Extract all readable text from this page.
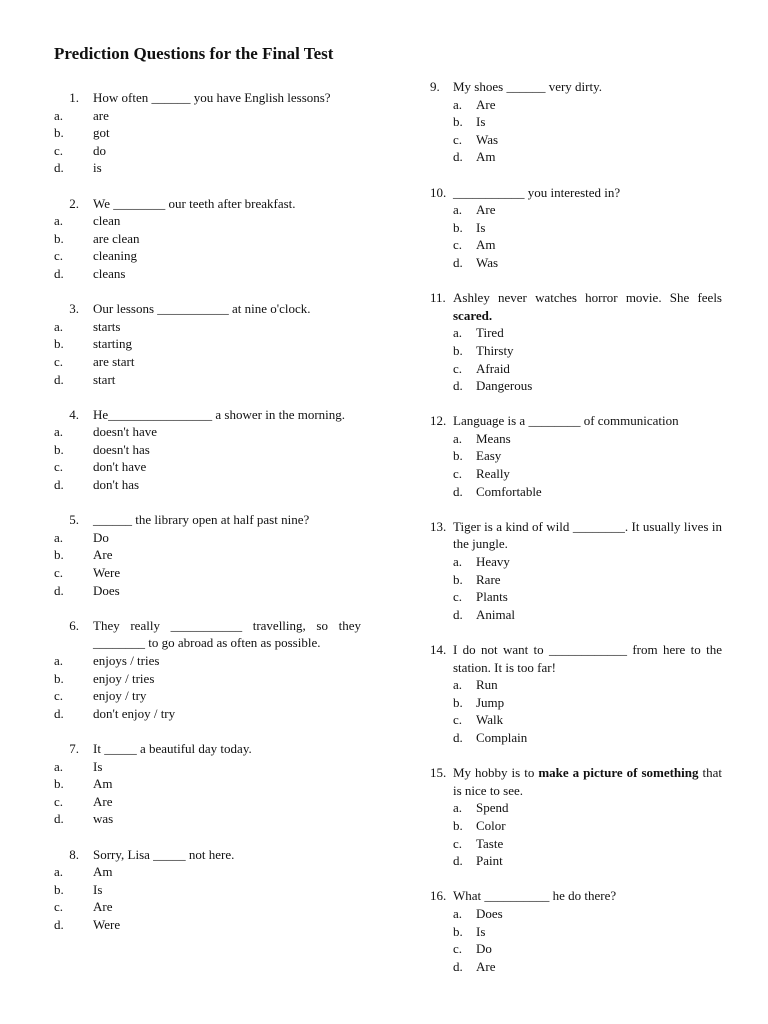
Prediction Questions for the Final Test
1.	How often ______ you have English lessons?
a.	are
b.	got
c.	do
d.	is
2.	We ________ our teeth after breakfast.
a.	clean
b.	are clean
c.	cleaning
d.	cleans
3.	Our lessons ___________ at nine o'clock.
a.	starts
b.	starting
c.	are start
d.	start
4.	He________________ a shower in the morning.
a.	doesn't have
b.	doesn't has
c.	don't have
d.	don't has
5.	______ the library open at half past nine?
a.	Do
b.	Are
c.	Were
d.	Does
6.	They really ___________ travelling, so they ________ to go abroad as often as possible.
a.	enjoys / tries
b.	enjoy / tries
c.	enjoy / try
d.	don't enjoy / try
7.	It _____ a beautiful day today.
a.	Is
b.	Am
c.	Are
d.	was
8.	Sorry, Lisa _____ not here.
a.	Am
b.	Is
c.	Are
d.	Were
9.	My shoes ______ very dirty.
a.	Are
b.	Is
c.	Was
d.	Am
10. ___________ you interested in?
a.	Are
b.	Is
c.	Am
d.	Was
11. Ashley never watches horror movie. She feels scared.
a.	Tired
b.	Thirsty
c.	Afraid
d.	Dangerous
12. Language is a ________ of communication
a.	Means
b.	Easy
c.	Really
d.	Comfortable
13. Tiger is a kind of wild ________. It usually lives in the jungle.
a.	Heavy
b.	Rare
c.	Plants
d.	Animal
14. I do not want to ____________ from here to the station. It is too far!
a.	Run
b.	Jump
c.	Walk
d.	Complain
15. My hobby is to make a picture of something that is nice to see.
a.	Spend
b.	Color
c.	Taste
d.	Paint
16. What __________ he do there?
a.	Does
b.	Is
c.	Do
d.	Are
